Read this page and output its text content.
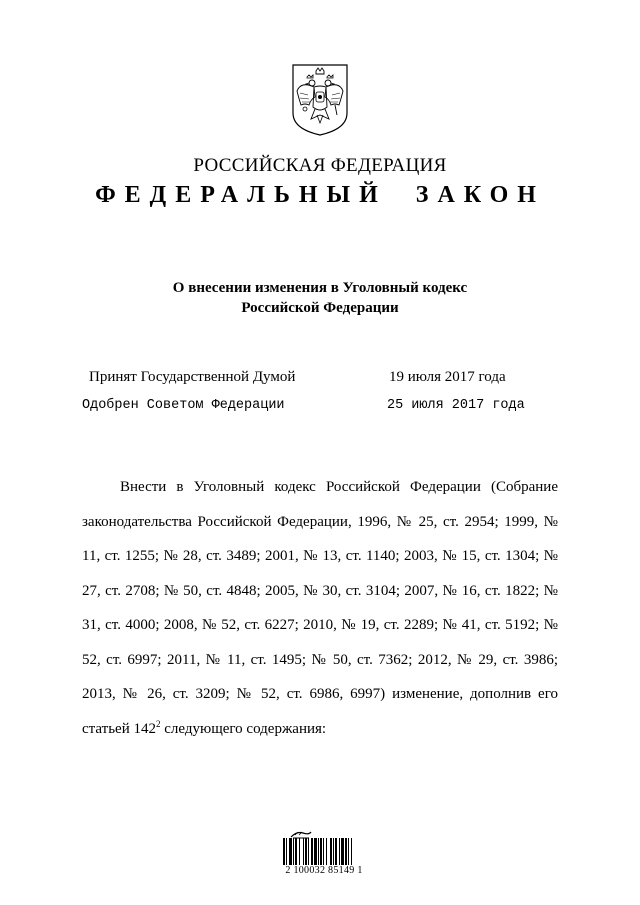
РОССИЙСКАЯ ФЕДЕРАЦИЯ
ФЕДЕРАЛЬНЫЙ ЗАКОН
О внесении изменения в Уголовный кодекс
Российской Федерации
Принят Государственной Думой	19 июля 2017 года
Одобрен Советом Федерации	25 июля 2017 года
Внести в Уголовный кодекс Российской Федерации (Собрание законодательства Российской Федерации, 1996, № 25, ст. 2954; 1999, № 11, ст. 1255; № 28, ст. 3489; 2001, № 13, ст. 1140; 2003, № 15, ст. 1304; № 27, ст. 2708; № 50, ст. 4848; 2005, № 30, ст. 3104; 2007, № 16, ст. 1822; № 31, ст. 4000; 2008, № 52, ст. 6227; 2010, № 19, ст. 2289; № 41, ст. 5192; № 52, ст. 6997; 2011, № 11, ст. 1495; № 50, ст. 7362; 2012, № 29, ст. 3986; 2013, № 26, ст. 3209; № 52, ст. 6986, 6997) изменение, дополнив его статьей $142^2$ следующего содержания:
2 100032 85149 1
